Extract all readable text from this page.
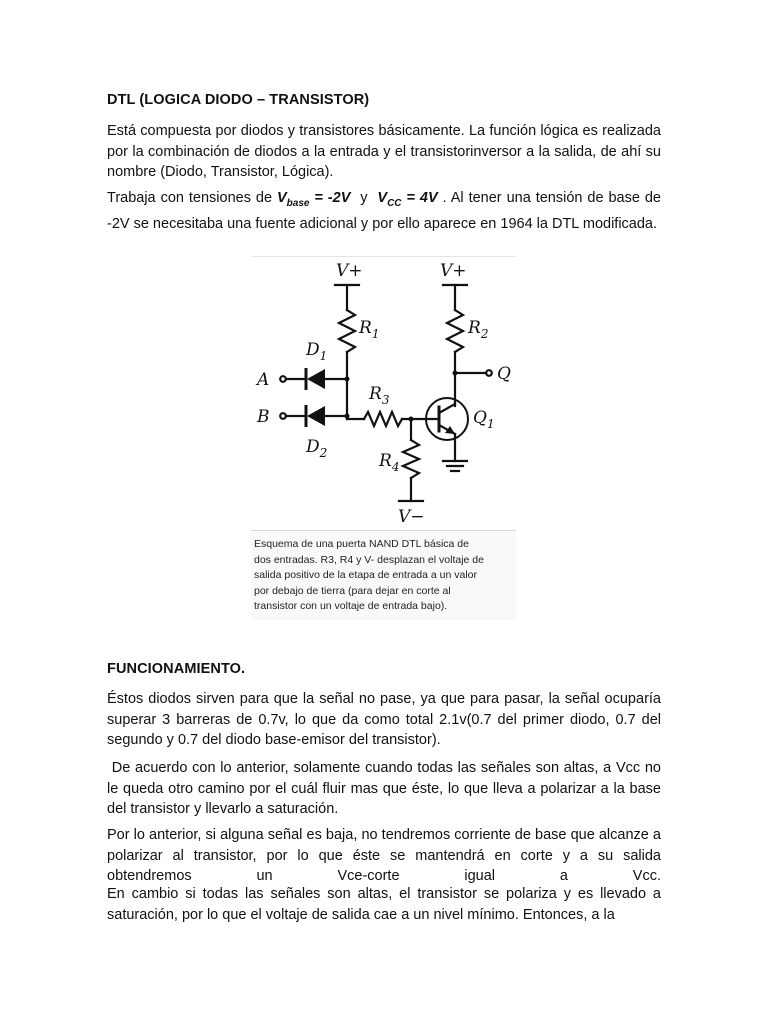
DTL (LOGICA DIODO – TRANSISTOR)
Está compuesta por diodos y transistores básicamente. La función lógica es realizada por la combinación de diodos a la entrada y el transistorinversor a la salida, de ahí su nombre (Diodo, Transistor, Lógica).
Trabaja con tensiones de $V_{base} = -2V$  y  $V_{CC} = 4V$ . Al tener una tensión de base de -2V se necesitaba una fuente adicional y por ello aparece en 1964 la DTL modificada.
V+	V+
$R_1$	$R_2$
$R_3$
$R_4$
$D_1$
$D_2$
A
B
Q
$Q_1$
V−
Esquema de una puerta NAND DTL básica de
dos entradas. R3, R4 y V- desplazan el voltaje de
salida positivo de la etapa de entrada a un valor
por debajo de tierra (para dejar en corte al
transistor con un voltaje de entrada bajo).
FUNCIONAMIENTO.
Éstos diodos sirven para que la señal no pase, ya que para pasar, la señal ocuparía superar 3 barreras de 0.7v, lo que da como total 2.1v(0.7 del primer diodo, 0.7 del segundo y 0.7 del diodo base-emisor del transistor).
De acuerdo con lo anterior, solamente cuando todas las señales son altas, a Vcc no le queda otro camino por el cuál fluir mas que éste, lo que lleva a polarizar a la base del transistor y llevarlo a saturación.
Por lo anterior, si alguna señal es baja, no tendremos corriente de base que alcanze a polarizar al transistor, por lo que éste se mantendrá en corte y a su salida obtendremos un Vce-corte igual a Vcc.
En cambio si todas las señales son altas, el transistor se polariza y es llevado a saturación, por lo que el voltaje de salida cae a un nivel mínimo. Entonces, a la
